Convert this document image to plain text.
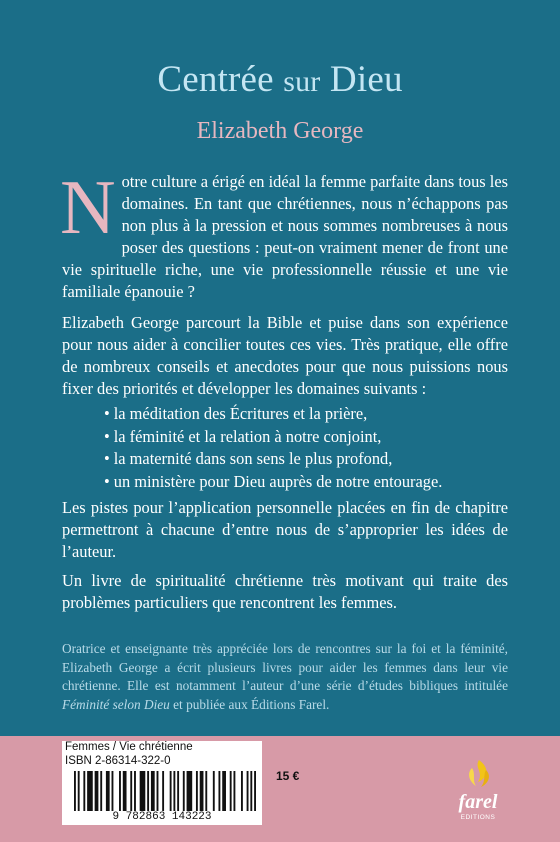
Centrée sur Dieu
Elizabeth George
Notre culture a érigé en idéal la femme parfaite dans tous les domaines. En tant que chrétiennes, nous n’échappons pas non plus à la pression et nous sommes nombreuses à nous poser des questions : peut-on vraiment mener de front une vie spirituelle riche, une vie professionnelle réussie et une vie familiale épanouie ?
Elizabeth George parcourt la Bible et puise dans son expérience pour nous aider à concilier toutes ces vies. Très pratique, elle offre de nombreux conseils et anecdotes pour que nous puissions nous fixer des priorités et développer les domaines suivants :
• la méditation des Écritures et la prière,
• la féminité et la relation à notre conjoint,
• la maternité dans son sens le plus profond,
• un ministère pour Dieu auprès de notre entourage.
Les pistes pour l’application personnelle placées en fin de chapitre permettront à chacune d’entre nous de s’approprier les idées de l’auteur.
Un livre de spiritualité chrétienne très motivant qui traite des problèmes particuliers que rencontrent les femmes.
Oratrice et enseignante très appréciée lors de rencontres sur la foi et la féminité, Elizabeth George a écrit plusieurs livres pour aider les femmes dans leur vie chrétienne. Elle est notamment l’auteur d’une série d’études bibliques intitulée Féminité selon Dieu et publiée aux Éditions Farel.
Femmes / Vie chrétienne
ISBN 2-86314-322-0
9 782863 143223
15 €
farel
EDITIONS
